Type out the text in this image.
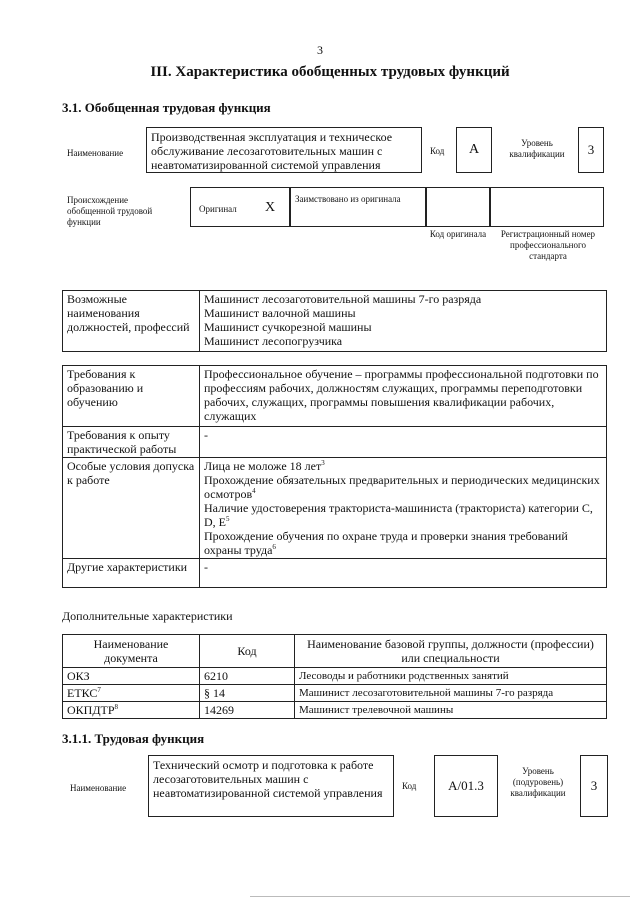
3
III. Характеристика обобщенных трудовых функций
3.1. Обобщенная трудовая функция
Наименование
Производственная эксплуатация и техническое обслуживание лесозаготовительных машин с неавтоматизированной системой управления
Код	A	Уровень квалификации	3
Происхождение обобщенной трудовой функции
Оригинал X
Заимствовано из оригинала
Код оригинала	Регистрационный номер профессионального стандарта
Возможные наименования должностей, профессий	
Машинист лесозаготовительной машины 7-го разряда
Машинист валочной машины
Машинист сучкорезной машины
Машинист лесопогрузчика
Требования к образованию и обучению	Профессиональное обучение – программы профессиональной подготовки по профессиям рабочих, должностям служащих, программы переподготовки рабочих, служащих, программы повышения квалификации рабочих, служащих
Требования к опыту практической работы	-
Особые условия допуска к работе	Лица не моложе 18 лет$^3$
Прохождение обязательных предварительных и периодических медицинских осмотров$^4$
Наличие удостоверения тракториста-машиниста (тракториста) категории C, D, $E^5$
Прохождение обучения по охране труда и проверки знания требований охраны труда$^6$

Другие характеристики	-
Дополнительные характеристики
Наименование документа	Код	Наименование базовой группы, должности (профессии) или специальности
ОКЗ	6210	Лесоводы и работники родственных занятий
ЕТКС$^7$	§ 14	Машинист лесозаготовительной машины 7-го разряда
ОКПДТР$^8$	14269	Машинист трелевочной машины
3.1.1. Трудовая функция
Наименование
Технический осмотр и подготовка к работе лесозаготовительных машин с неавтоматизированной системой управления	Код	A/01.3
Уровень (подуровень) квалификации	3
